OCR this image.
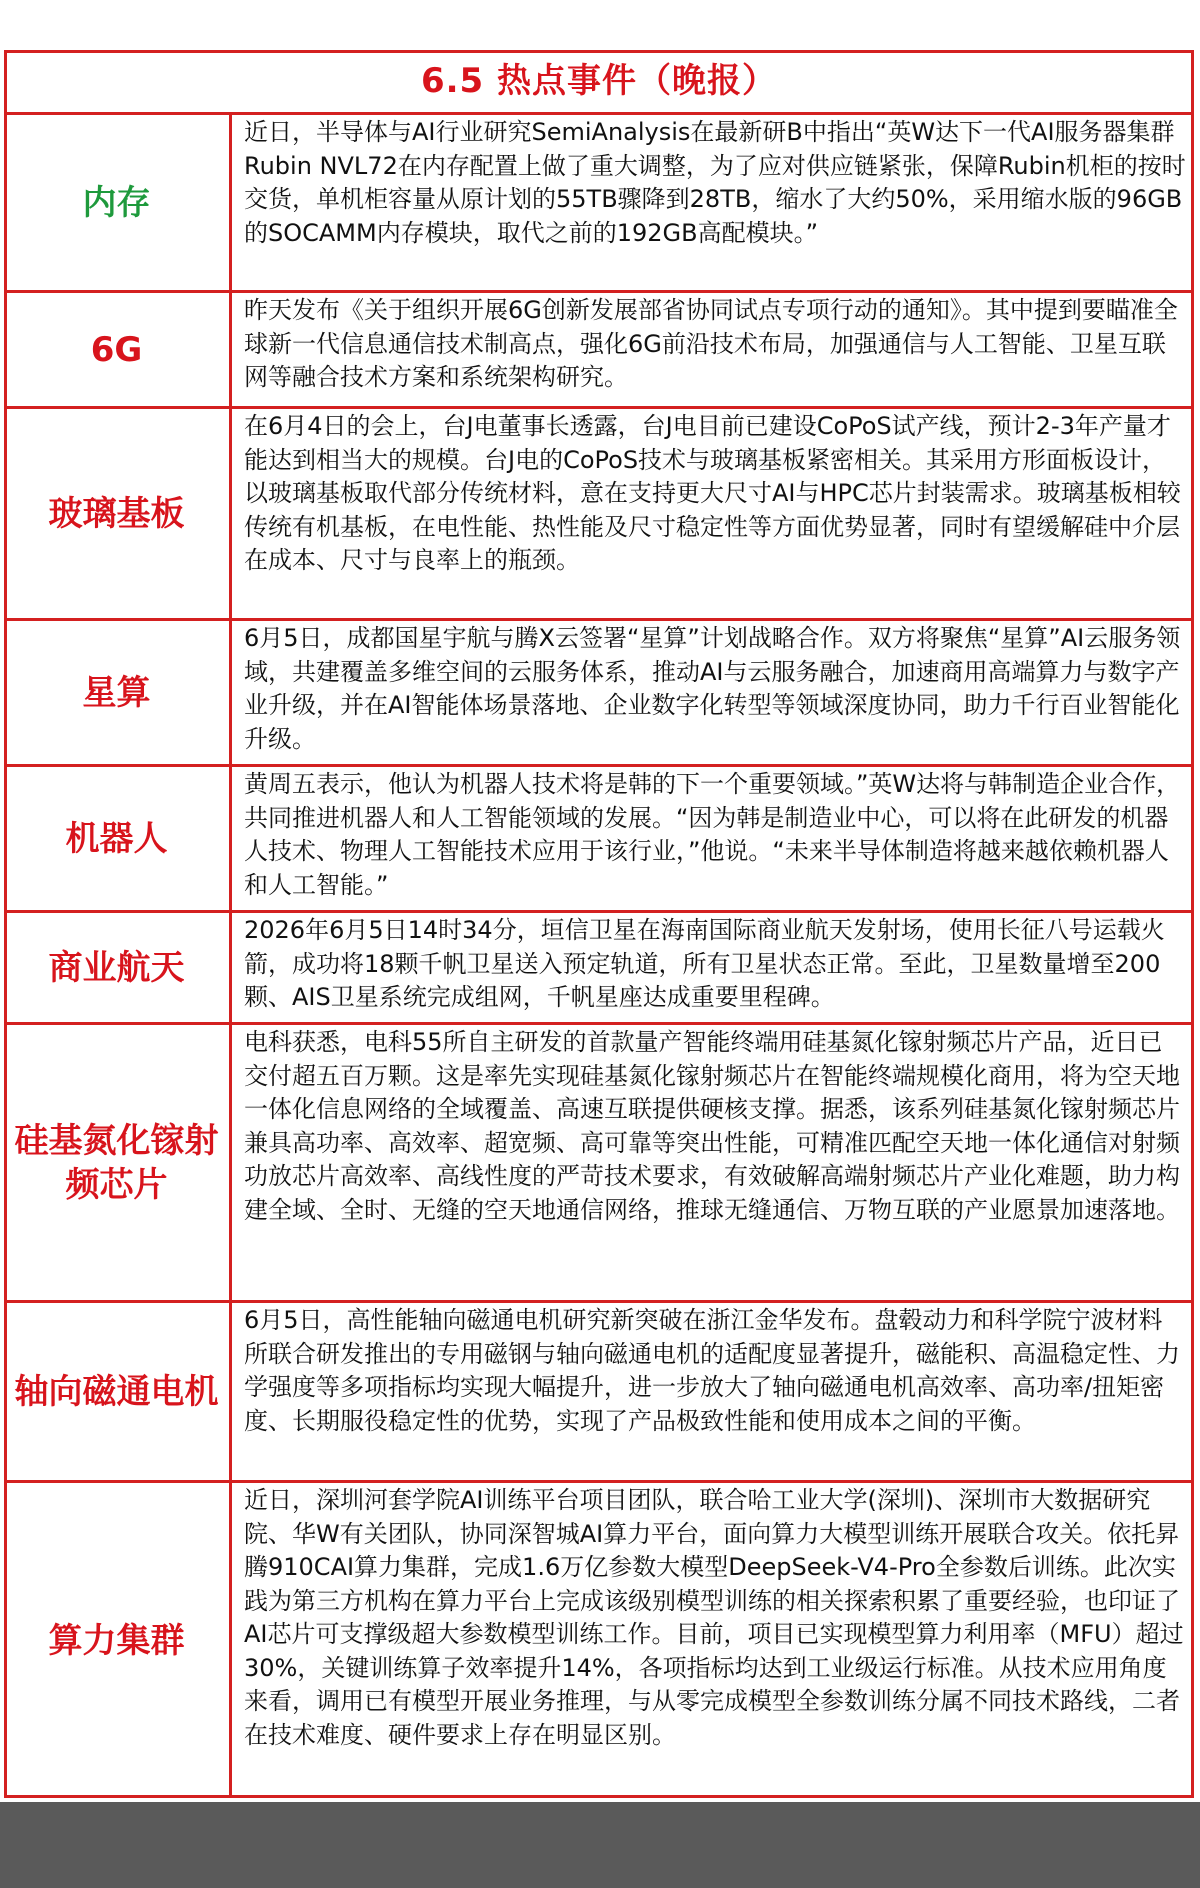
6.5 热点事件（晚报）
内存
近日，半导体与AI行业研究SemiAnalysis在最新研B中指出“英W达下一代AI服务器集群Rubin NVL72在内存配置上做了重大调整，为了应对供应链紧张，保障Rubin机柜的按时交货，单机柜容量从原计划的55TB骤降到28TB，缩水了大约50%，采用缩水版的96GB的SOCAMM内存模块，取代之前的192GB高配模块。”
6G
昨天发布《关于组织开展6G创新发展部省协同试点专项行动的通知》。其中提到要瞄准全球新一代信息通信技术制高点，强化6G前沿技术布局，加强通信与人工智能、卫星互联网等融合技术方案和系统架构研究。
玻璃基板
在6月4日的会上，台J电董事长透露，台J电目前已建设CoPoS试产线，预计2-3年产量才能达到相当大的规模。台J电的CoPoS技术与玻璃基板紧密相关。其采用方形面板设计，以玻璃基板取代部分传统材料，意在支持更大尺寸AI与HPC芯片封装需求。玻璃基板相较传统有机基板，在电性能、热性能及尺寸稳定性等方面优势显著，同时有望缓解硅中介层在成本、尺寸与良率上的瓶颈。
星算
6月5日，成都国星宇航与腾X云签署“星算”计划战略合作。双方将聚焦“星算”AI云服务领域，共建覆盖多维空间的云服务体系，推动AI与云服务融合，加速商用高端算力与数字产业升级，并在AI智能体场景落地、企业数字化转型等领域深度协同，助力千行百业智能化升级。
机器人
黄周五表示，他认为机器人技术将是韩的下一个重要领域。”英W达将与韩制造企业合作，共同推进机器人和人工智能领域的发展。“因为韩是制造业中心，可以将在此研发的机器人技术、物理人工智能技术应用于该行业，”他说。“未来半导体制造将越来越依赖机器人和人工智能。”
商业航天
2026年6月5日14时34分，垣信卫星在海南国际商业航天发射场，使用长征八号运载火箭，成功将18颗千帆卫星送入预定轨道，所有卫星状态正常。至此，卫星数量增至200颗、AIS卫星系统完成组网，千帆星座达成重要里程碑。
硅基氮化镓射频芯片
电科获悉，电科55所自主研发的首款量产智能终端用硅基氮化镓射频芯片产品，近日已交付超五百万颗。这是率先实现硅基氮化镓射频芯片在智能终端规模化商用，将为空天地一体化信息网络的全域覆盖、高速互联提供硬核支撑。据悉，该系列硅基氮化镓射频芯片兼具高功率、高效率、超宽频、高可靠等突出性能，可精准匹配空天地一体化通信对射频功放芯片高效率、高线性度的严苛技术要求，有效破解高端射频芯片产业化难题，助力构建全域、全时、无缝的空天地通信网络，推球无缝通信、万物互联的产业愿景加速落地。
轴向磁通电机
6月5日，高性能轴向磁通电机研究新突破在浙江金华发布。盘毂动力和科学院宁波材料所联合研发推出的专用磁钢与轴向磁通电机的适配度显著提升，磁能积、高温稳定性、力学强度等多项指标均实现大幅提升，进一步放大了轴向磁通电机高效率、高功率/扭矩密度、长期服役稳定性的优势，实现了产品极致性能和使用成本之间的平衡。
算力集群
近日，深圳河套学院AI训练平台项目团队，联合哈工业大学(深圳)、深圳市大数据研究院、华W有关团队，协同深智城AI算力平台，面向算力大模型训练开展联合攻关。依托昇腾910CAI算力集群，完成1.6万亿参数大模型DeepSeek-V4-Pro全参数后训练。此次实践为第三方机构在算力平台上完成该级别模型训练的相关探索积累了重要经验，也印证了AI芯片可支撑级超大参数模型训练工作。目前，项目已实现模型算力利用率（MFU）超过30%，关键训练算子效率提升14%，各项指标均达到工业级运行标准。从技术应用角度来看，调用已有模型开展业务推理，与从零完成模型全参数训练分属不同技术路线，二者在技术难度、硬件要求上存在明显区别。
